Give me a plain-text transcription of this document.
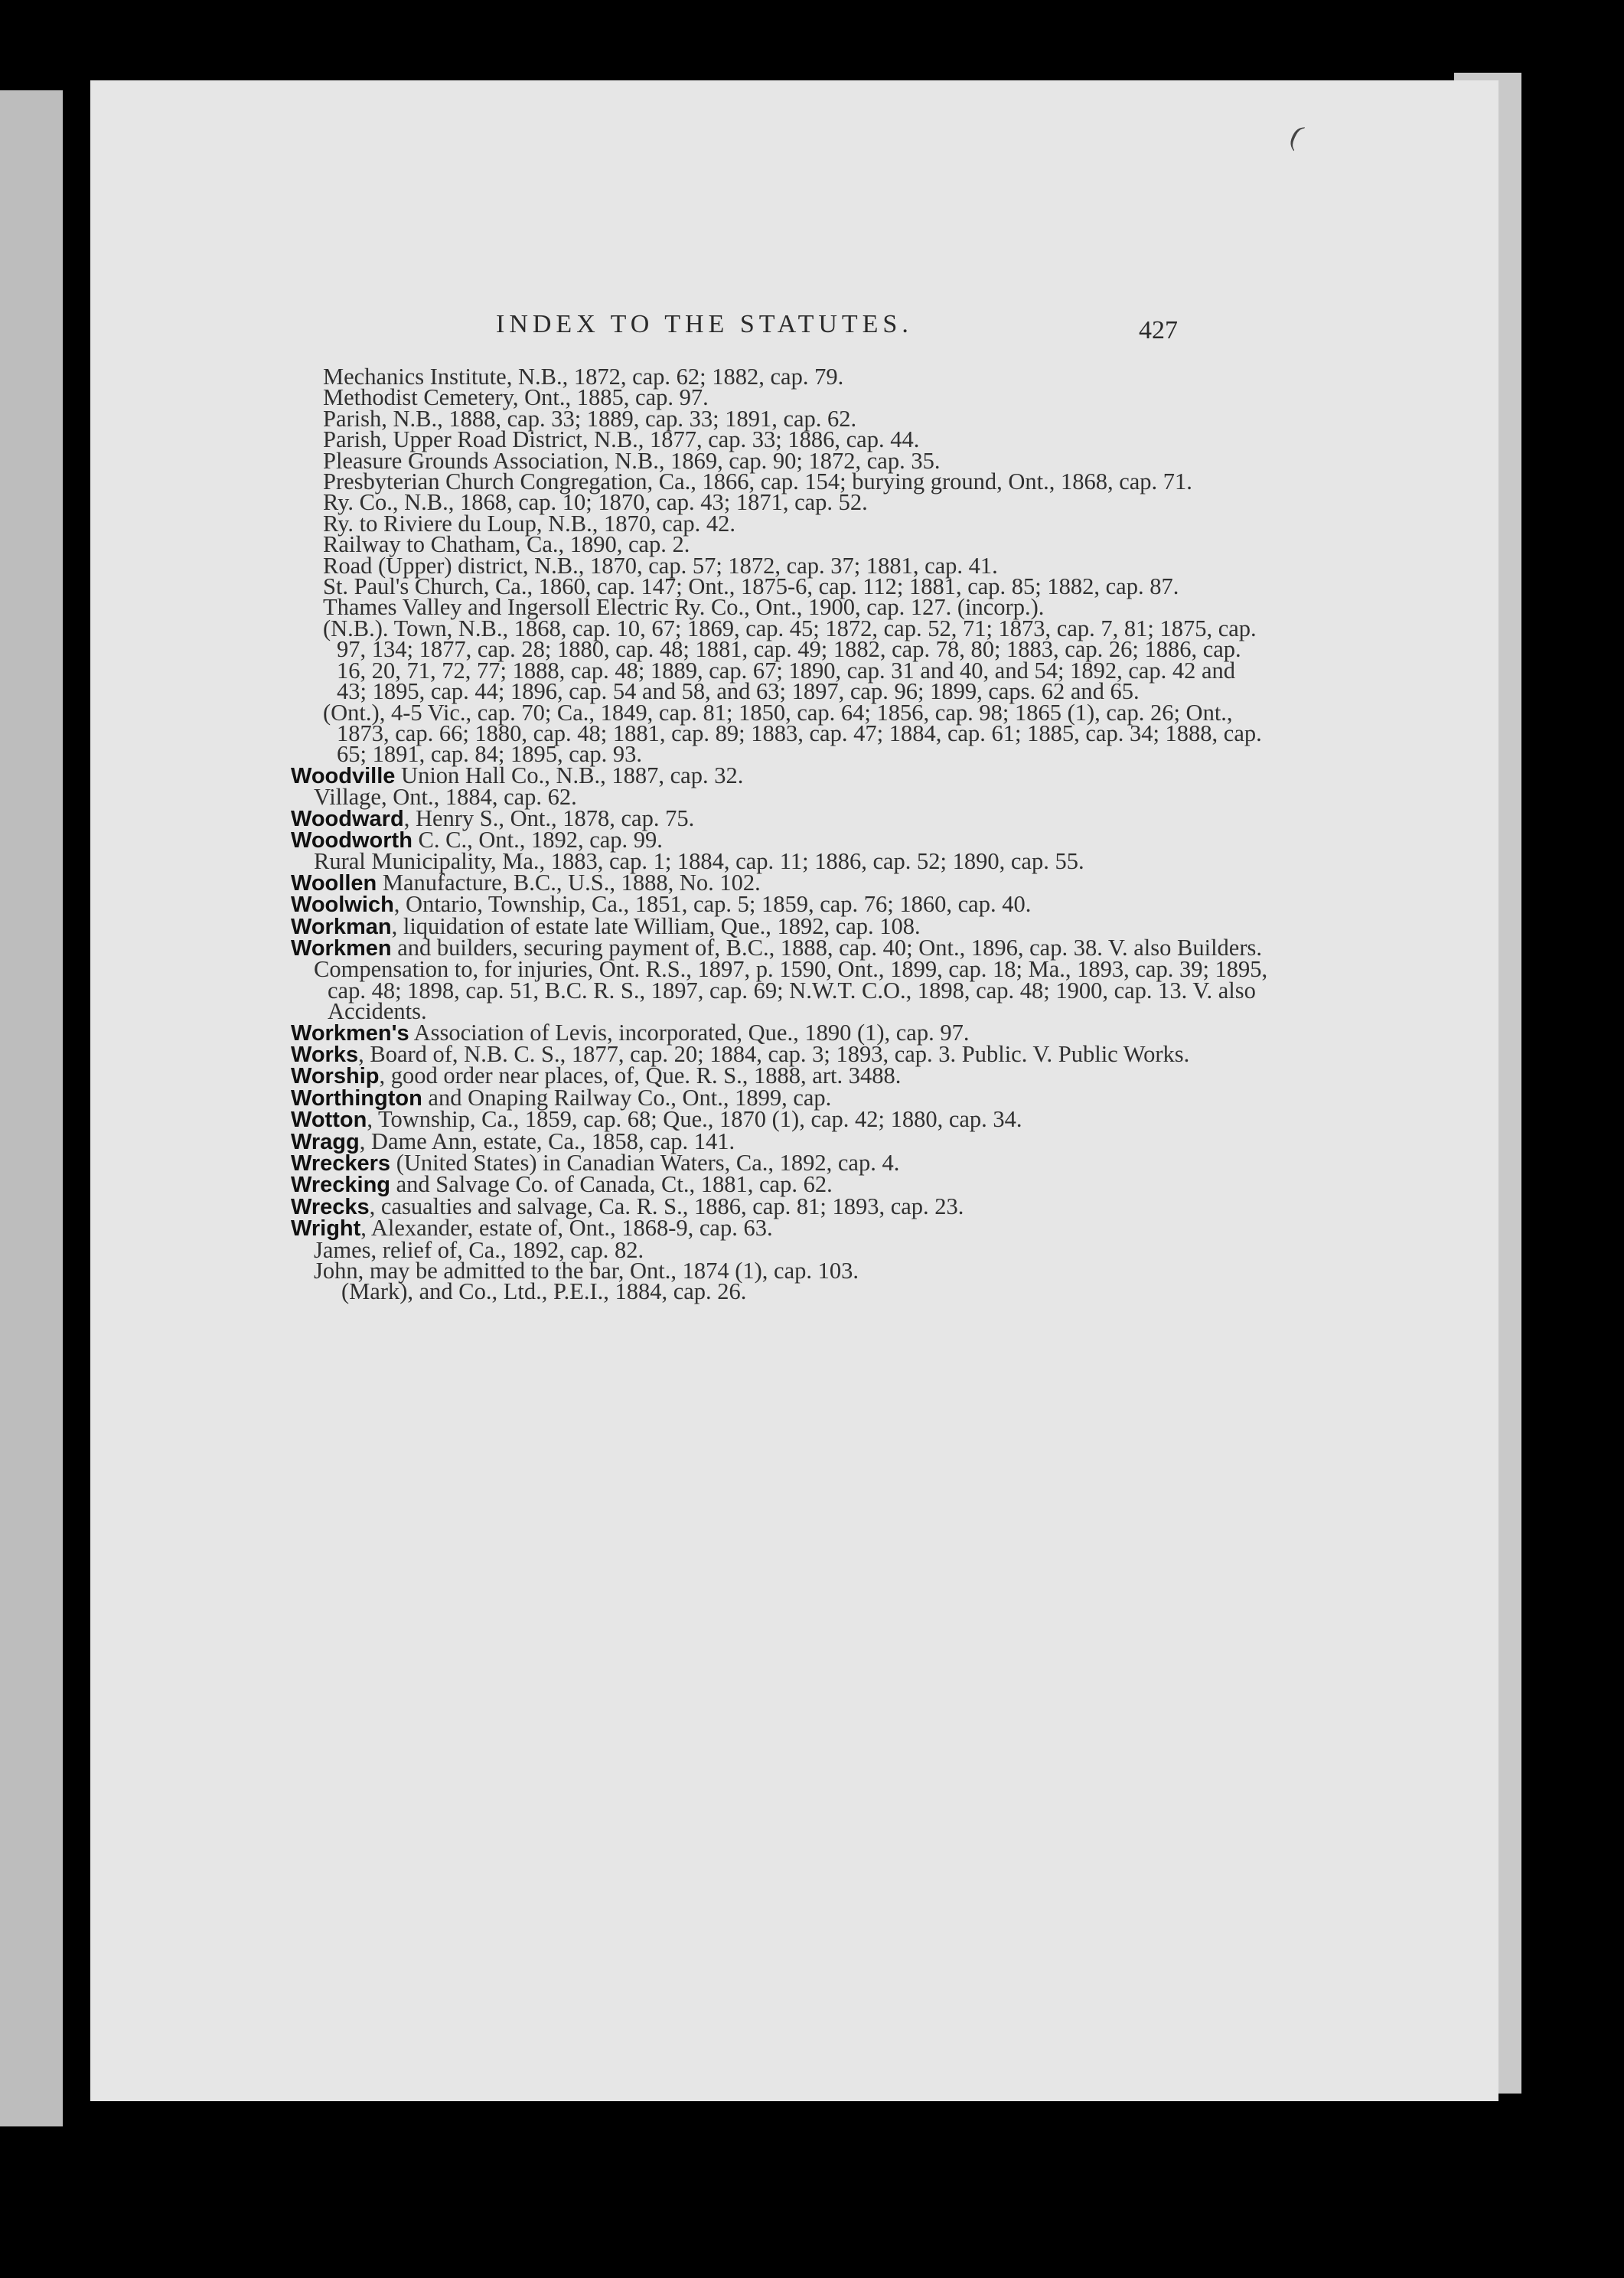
(
INDEX TO THE STATUTES.	427

Mechanics Institute, N.B., 1872, cap. 62; 1882, cap. 79.

Methodist Cemetery, Ont., 1885, cap. 97.

Parish, N.B., 1888, cap. 33; 1889, cap. 33; 1891, cap. 62.

Parish, Upper Road District, N.B., 1877, cap. 33; 1886, cap. 44.

Pleasure Grounds Association, N.B., 1869, cap. 90; 1872, cap. 35.

Presbyterian Church Congregation, Ca., 1866, cap. 154; burying ground, Ont., 1868, cap. 71.

Ry. Co., N.B., 1868, cap. 10; 1870, cap. 43; 1871, cap. 52.

Ry. to Riviere du Loup, N.B., 1870, cap. 42.

Railway to Chatham, Ca., 1890, cap. 2.

Road (Upper) district, N.B., 1870, cap. 57; 1872, cap. 37; 1881, cap. 41.

St. Paul's Church, Ca., 1860, cap. 147; Ont., 1875-6, cap. 112; 1881, cap. 85; 1882, cap. 87.

Thames Valley and Ingersoll Electric Ry. Co., Ont., 1900, cap. 127. (incorp.).

(N.B.). Town, N.B., 1868, cap. 10, 67; 1869, cap. 45; 1872, cap. 52, 71; 1873, cap. 7, 81; 1875, cap. 97, 134; 1877, cap. 28; 1880, cap. 48; 1881, cap. 49; 1882, cap. 78, 80; 1883, cap. 26; 1886, cap. 16, 20, 71, 72, 77; 1888, cap. 48; 1889, cap. 67; 1890, cap. 31 and 40, and 54; 1892, cap. 42 and 43; 1895, cap. 44; 1896, cap. 54 and 58, and 63; 1897, cap. 96; 1899, caps. 62 and 65.

(Ont.), 4-5 Vic., cap. 70; Ca., 1849, cap. 81; 1850, cap. 64; 1856, cap. 98; 1865 (1), cap. 26; Ont., 1873, cap. 66; 1880, cap. 48; 1881, cap. 89; 1883, cap. 47; 1884, cap. 61; 1885, cap. 34; 1888, cap. 65; 1891, cap. 84; 1895, cap. 93.

Woodville Union Hall Co., N.B., 1887, cap. 32.

Village, Ont., 1884, cap. 62.

Woodward, Henry S., Ont., 1878, cap. 75.

Woodworth C. C., Ont., 1892, cap. 99.

Rural Municipality, Ma., 1883, cap. 1; 1884, cap. 11; 1886, cap. 52; 1890, cap. 55.

Woollen Manufacture, B.C., U.S., 1888, No. 102.

Woolwich, Ontario, Township, Ca., 1851, cap. 5; 1859, cap. 76; 1860, cap. 40.

Workman, liquidation of estate late William, Que., 1892, cap. 108.

Workmen and builders, securing payment of, B.C., 1888, cap. 40; Ont., 1896, cap. 38. V. also Builders.

Compensation to, for injuries, Ont. R.S., 1897, p. 1590, Ont., 1899, cap. 18; Ma., 1893, cap. 39; 1895, cap. 48; 1898, cap. 51, B.C. R. S., 1897, cap. 69; N.W.T. C.O., 1898, cap. 48; 1900, cap. 13. V. also Accidents.

Workmen's Association of Levis, incorporated, Que., 1890 (1), cap. 97.

Works, Board of, N.B. C. S., 1877, cap. 20; 1884, cap. 3; 1893, cap. 3. Public. V. Public Works.

Worship, good order near places, of, Que. R. S., 1888, art. 3488.

Worthington and Onaping Railway Co., Ont., 1899, cap.

Wotton, Township, Ca., 1859, cap. 68; Que., 1870 (1), cap. 42; 1880, cap. 34.

Wragg, Dame Ann, estate, Ca., 1858, cap. 141.

Wreckers (United States) in Canadian Waters, Ca., 1892, cap. 4.

Wrecking and Salvage Co. of Canada, Ct., 1881, cap. 62.

Wrecks, casualties and salvage, Ca. R. S., 1886, cap. 81; 1893, cap. 23.

Wright, Alexander, estate of, Ont., 1868-9, cap. 63.

James, relief of, Ca., 1892, cap. 82.

John, may be admitted to the bar, Ont., 1874 (1), cap. 103.

(Mark), and Co., Ltd., P.E.I., 1884, cap. 26.
